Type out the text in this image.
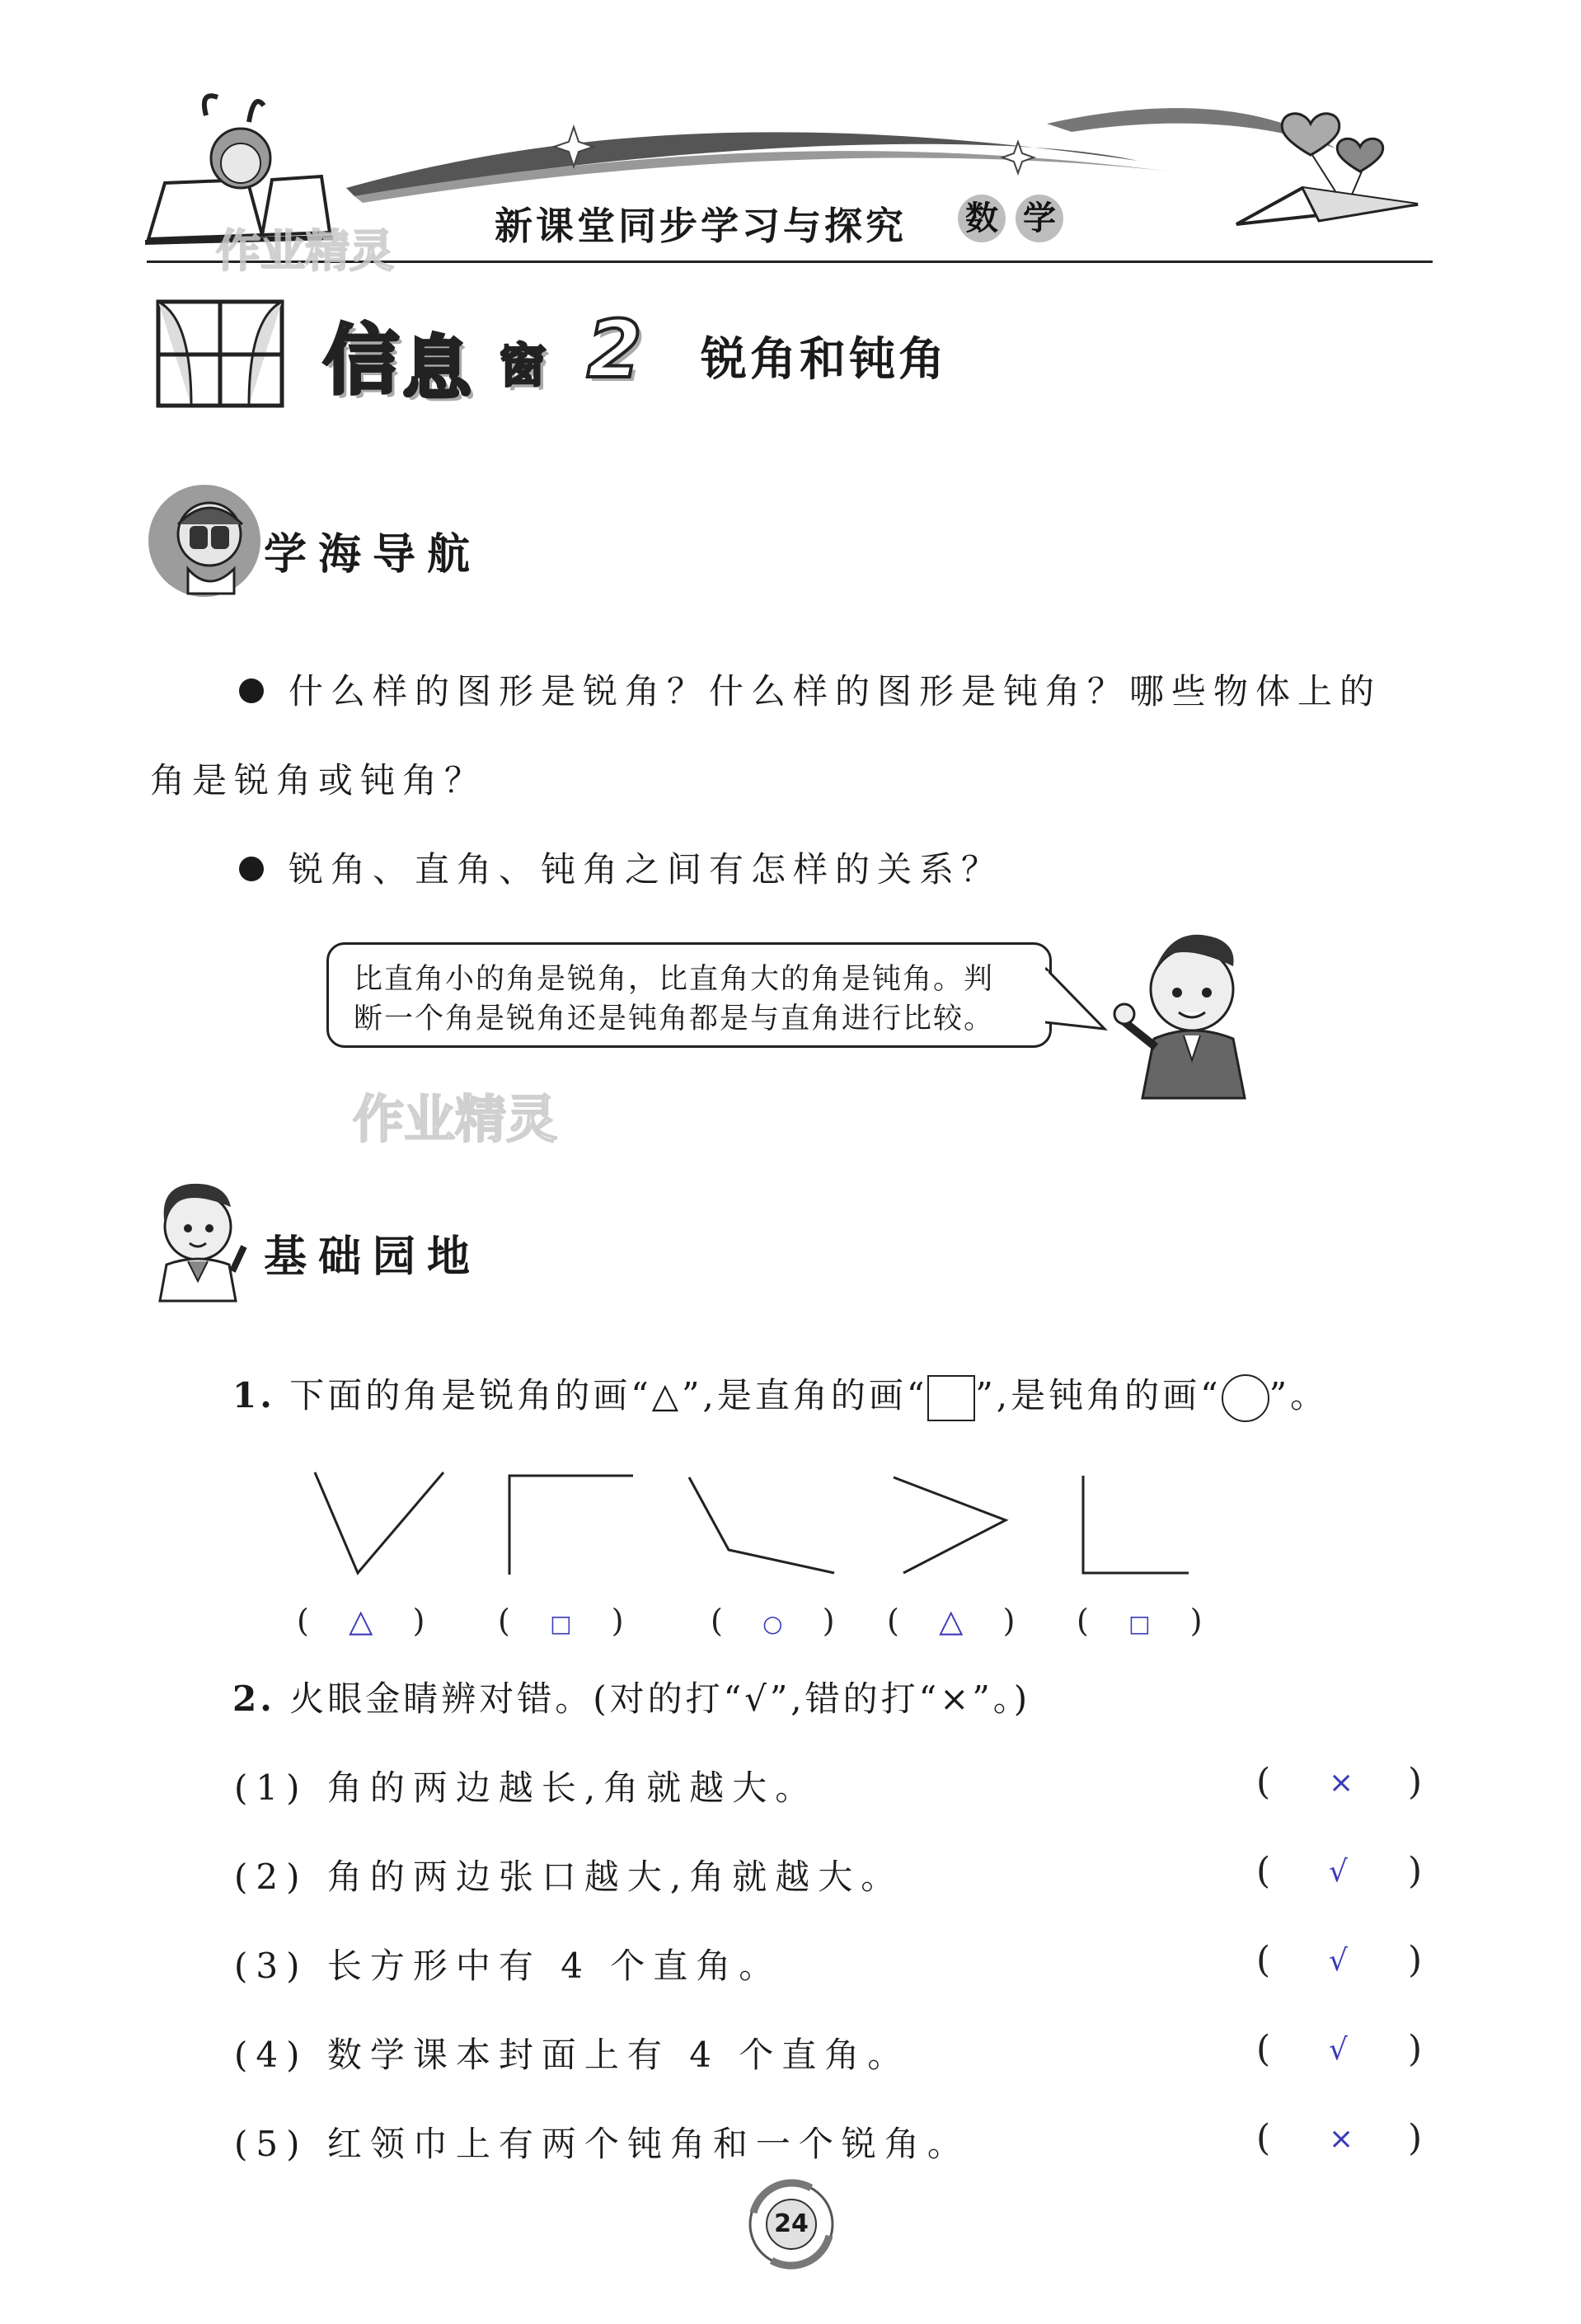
新课堂同步学习与探究 数 学
作业精灵
信 息 窗 2 锐角和钝角
学海导航
什么样的图形是锐角？什么样的图形是钝角？哪些物体上的
角是锐角或钝角？
锐角、直角、钝角之间有怎样的关系？
比直角小的角是锐角，比直角大的角是钝角。判
断一个角是锐角还是钝角都是与直角进行比较。
作业精灵
基础园地
1. 下面的角是锐角的画“△”,是直角的画“ ”,是钝角的画“ ”。
( △ ) ( □ )	( ○ ) ( △ ) ( □ )
2. 火眼金睛辨对错。(对的打“√”,错的打“×”。)
(1) 角的两边越长,角就越大。	( × )
(2) 角的两边张口越大,角就越大。	( √ )
(3) 长方形中有 4 个直角。	( √ )
(4) 数学课本封面上有 4 个直角。	( √ )
(5) 红领巾上有两个钝角和一个锐角。	( × )
24
